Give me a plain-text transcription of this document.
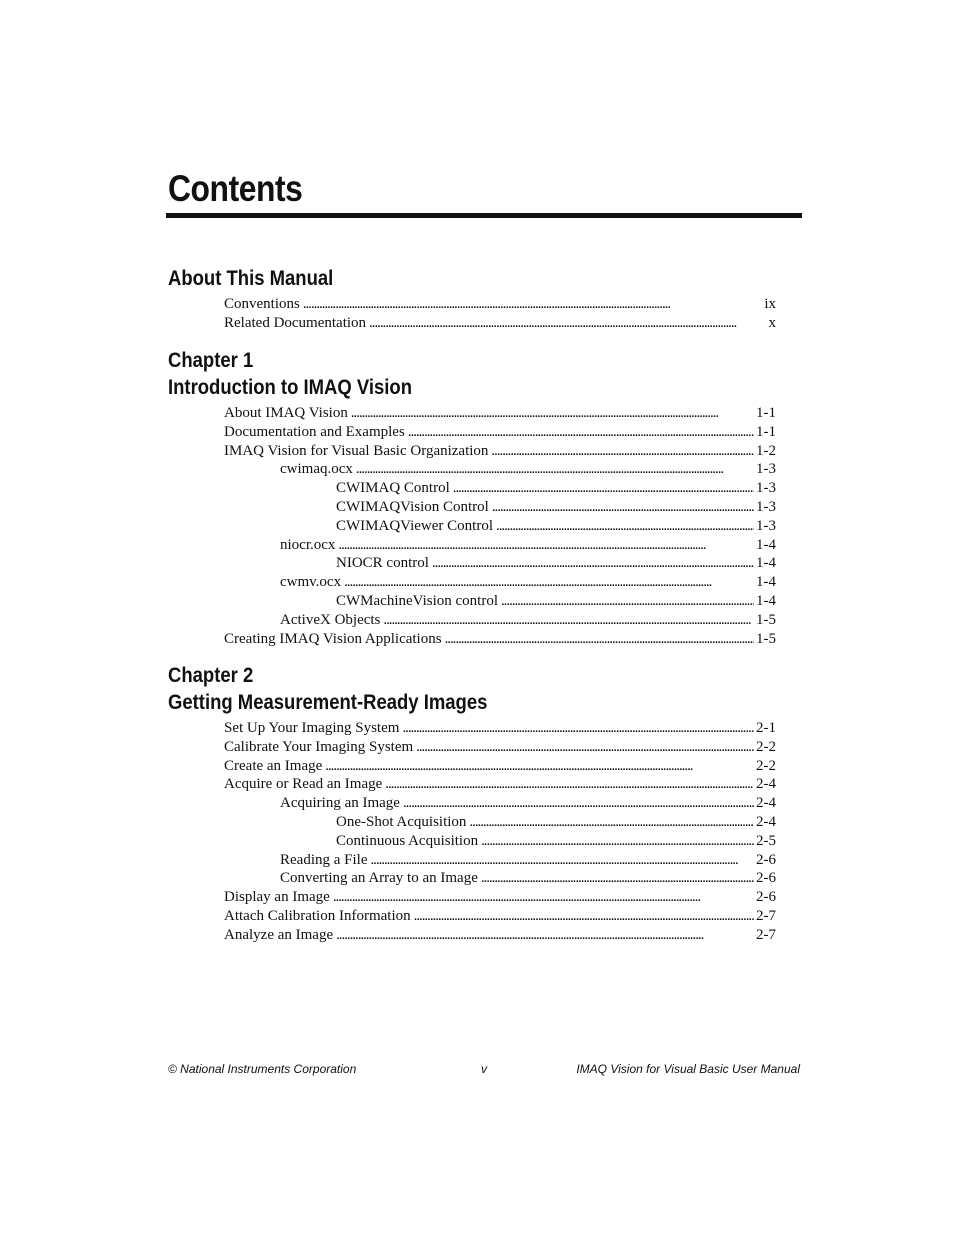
Contents
About This Manual
Conventions . . .	ix
Related Documentation . . .	x
Chapter 1
Introduction to IMAQ Vision
About IMAQ Vision . . .	1-1
Documentation and Examples . . .	1-1
IMAQ Vision for Visual Basic Organization . . .	1-2
cwimaq.ocx . . .	1-3
CWIMAQ Control . . .	1-3
CWIMAQVision Control . . .	1-3
CWIMAQViewer Control . . .	1-3
niocr.ocx . . .	1-4
NIOCR control . . .	1-4
cwmv.ocx . . .	1-4
CWMachineVision control . . .	1-4
ActiveX Objects . . .	1-5
Creating IMAQ Vision Applications . . .	1-5
Chapter 2
Getting Measurement-Ready Images
Set Up Your Imaging System . . .	2-1
Calibrate Your Imaging System . . .	2-2
Create an Image . . .	2-2
Acquire or Read an Image . . .	2-4
Acquiring an Image . . .	2-4
One-Shot Acquisition . . .	2-4
Continuous Acquisition . . .	2-5
Reading a File . . .	2-6
Converting an Array to an Image . . .	2-6
Display an Image . . .	2-6
Attach Calibration Information . . .	2-7
Analyze an Image . . .	2-7
© National Instruments Corporation	v	IMAQ Vision for Visual Basic User Manual
